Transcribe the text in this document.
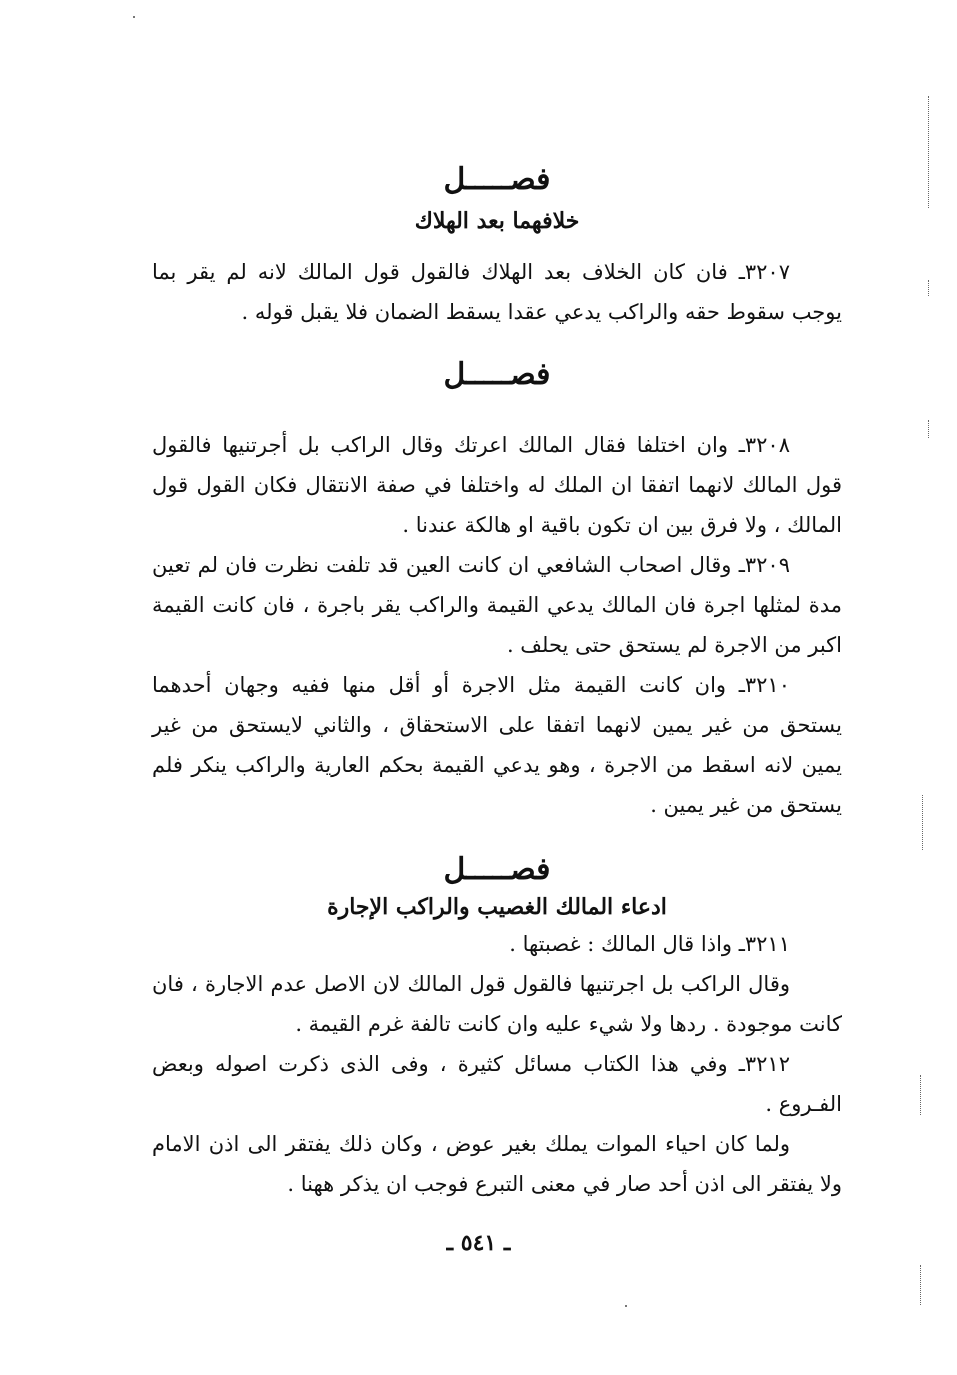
فصـــــل
خلافهما بعد الهلاك

٣٢٠٧ـ فان كان الخلاف بعد الهلاك فالقول قول المالك لانه لم يقر بما يوجب سقوط حقه والراكب يدعي عقدا يسقط الضمان فلا يقبل قوله .

فصـــــل

٣٢٠٨ـ وان اختلفا فقال المالك اعرتك وقال الراكب بل أجرتنيها فالقول قول المالك لانهما اتفقا ان الملك له واختلفا في صفة الانتقال فكان القول قول المالك ، ولا فرق بين ان تكون باقية او هالكة عندنا .

٣٢٠٩ـ وقال اصحاب الشافعي ان كانت العين قد تلفت نظرت فان لم تعين مدة لمثلها اجرة فان المالك يدعي القيمة والراكب يقر باجرة ، فان كانت القيمة اكبر من الاجرة لم يستحق حتى يحلف .

٣٢١٠ـ وان كانت القيمة مثل الاجرة أو أقل منها ففيه وجهان أحدهما يستحق من غير يمين لانهما اتفقا على الاستحقاق ، والثاني لايستحق من غير يمين لانه اسقط من الاجرة ، وهو يدعي القيمة بحكم العارية والراكب ينكر فلم يستحق من غير يمين .

فصـــــل
ادعاء المالك الغصيب والراكب الإجارة

٣٢١١ـ واذا قال المالك : غصبتها .

وقال الراكب بل اجرتنيها فالقول قول المالك لان الاصل عدم الاجارة ، فان كانت موجودة . ردها ولا شيء عليه وان كانت تالفة غرم القيمة .

٣٢١٢ـ وفي هذا الكتاب مسائل كثيرة ، وفى الذى ذكرت اصوله وبعض الفـروع .

ولما كان احياء الموات يملك بغير عوض ، وكان ذلك يفتقر الى اذن الامام ولا يفتقر الى اذن أحد صار في معنى التبرع فوجب ان يذكر ههنا .

ـ ٥٤١ ـ
